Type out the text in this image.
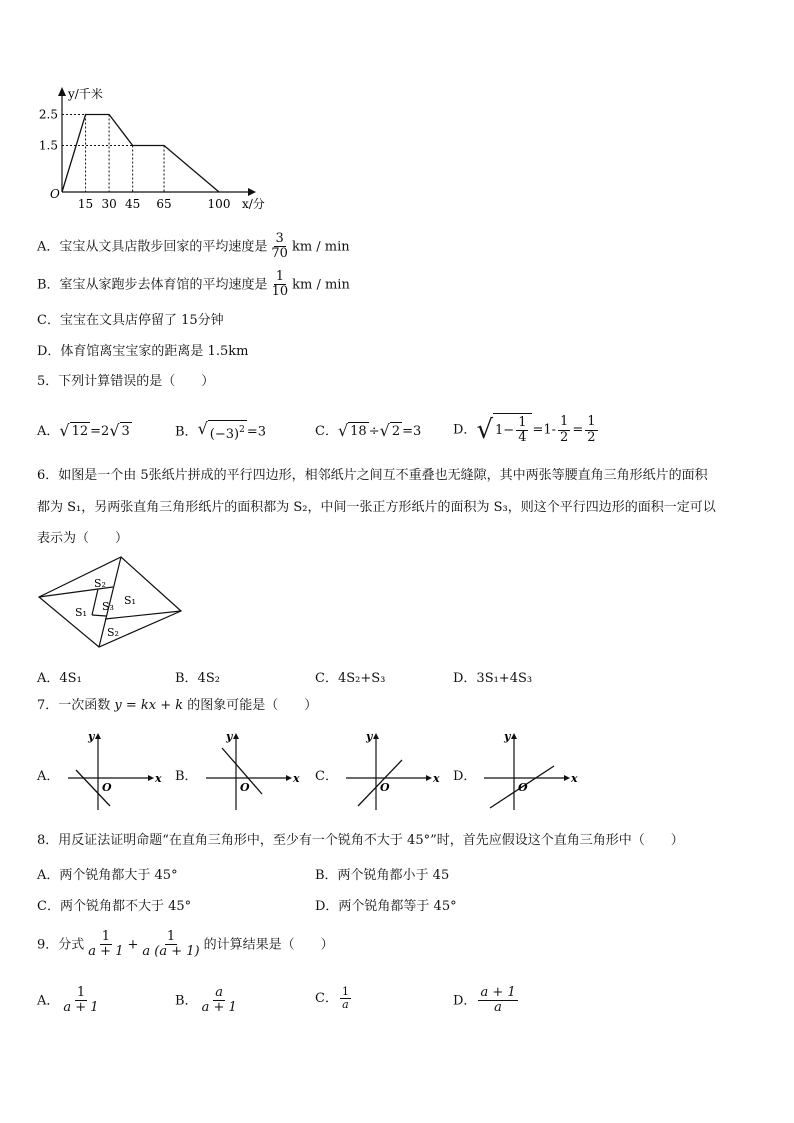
15 30 45 65	100
2.5
1.5
O
y/千米
x/分
A．宝宝从文具店散步回家的平均速度是 $\frac{3}{70}$ km / min
B．室宝从家跑步去体育馆的平均速度是 $\frac{1}{10}$ km / min
C．宝宝在文具店停留了 15分钟
D．体育馆离宝宝家的距离是 1.5km
5．下列计算错误的是（　　）
A． √ 12 =2 √ 3	B． √ $(-3)^2 =3$	C． √ 18 ÷ √ 2 =3 D． √ $1- \frac{1}{4} =1- \frac{1}{2} = \frac{1}{2}$
6．如图是一个由 5张纸片拼成的平行四边形，相邻纸片之间互不重叠也无缝隙，其中两张等腰直角三角形纸片的面积
都为 S₁，另两张直角三角形纸片的面积都为 S₂，中间一张正方形纸片的面积为 S₃，则这个平行四边形的面积一定可以
表示为（　　）
S₂
S₁
S₃
S₁
S₂
A．4S₁	B．4S₂	C．4S₂+S₃	D．3S₁+4S₃
7．一次函数 y = kx + k 的图象可能是（　　）
A．	B．	C．	D．
x
y
O
x
y
O
x
y
O
x
y
O
8．用反证法证明命题“在直角三角形中，至少有一个锐角不大于 45°”时，首先应假设这个直角三角形中（　　）
A．两个锐角都大于 45°	B．两个锐角都小于 45
C．两个锐角都不大于 45°	D．两个锐角都等于 45°
9．分式 $\frac{1}{a + 1} + \frac{1}{a (a + 1)}$ 的计算结果是（　　）
A． $\frac{1}{a + 1}$	B． $\frac{a}{a + 1}$	C． $\frac{1}{a}$	D． $\frac{a + 1}{a}$
